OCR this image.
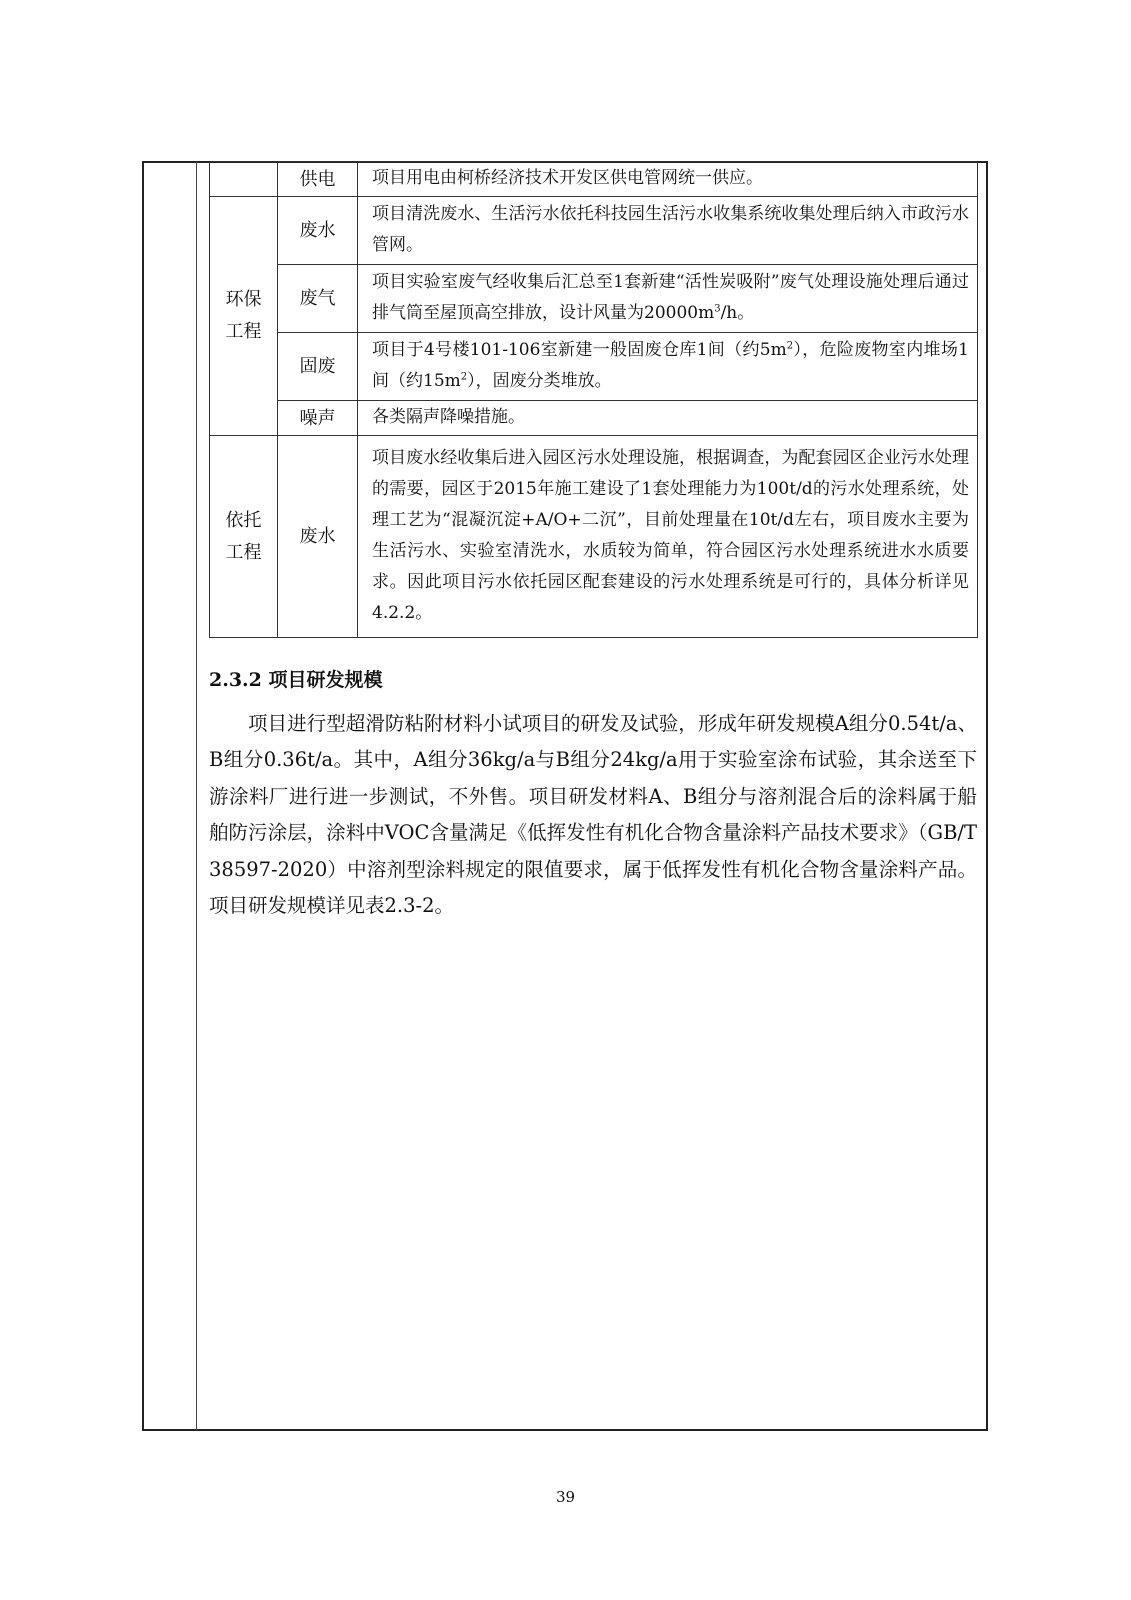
	供电	项目用电由柯桥经济技术开发区供电管网统一供应。
环保
工程	废水	项目清洗废水、生活污水依托科技园生活污水收集系统收集处理后纳入市政污水管网。
	废气	项目实验室废气经收集后汇总至1套新建“活性炭吸附”废气处理设施处理后通过排气筒至屋顶高空排放，设计风量为$20000m^3/h$。
	固废	项目于4号楼101-106室新建一般固废仓库1间（约$5m^2$），危险废物室内堆场1间（约$15m^2$），固废分类堆放。
	噪声	各类隔声降噪措施。
依托
工程	废水	项目废水经收集后进入园区污水处理设施，根据调查，为配套园区企业污水处理的需要，园区于2015年施工建设了1套处理能力为100t/d的污水处理系统，处理工艺为“混凝沉淀+A/O+二沉”，目前处理量在10t/d左右，项目废水主要为生活污水、实验室清洗水，水质较为简单，符合园区污水处理系统进水水质要求。因此项目污水依托园区配套建设的污水处理系统是可行的，具体分析详见4.2.2。
2.3.2 项目研发规模

项目进行型超滑防粘附材料小试项目的研发及试验，形成年研发规模A组分0.54t/a、B组分0.36t/a。其中，A组分36kg/a与B组分24kg/a用于实验室涂布试验，其余送至下游涂料厂进行进一步测试，不外售。项目研发材料A、B组分与溶剂混合后的涂料属于船舶防污涂层，涂料中VOC含量满足《低挥发性有机化合物含量涂料产品技术要求》（GB/T 38597-2020）中溶剂型涂料规定的限值要求，属于低挥发性有机化合物含量涂料产品。项目研发规模详见表2.3-2。

39
